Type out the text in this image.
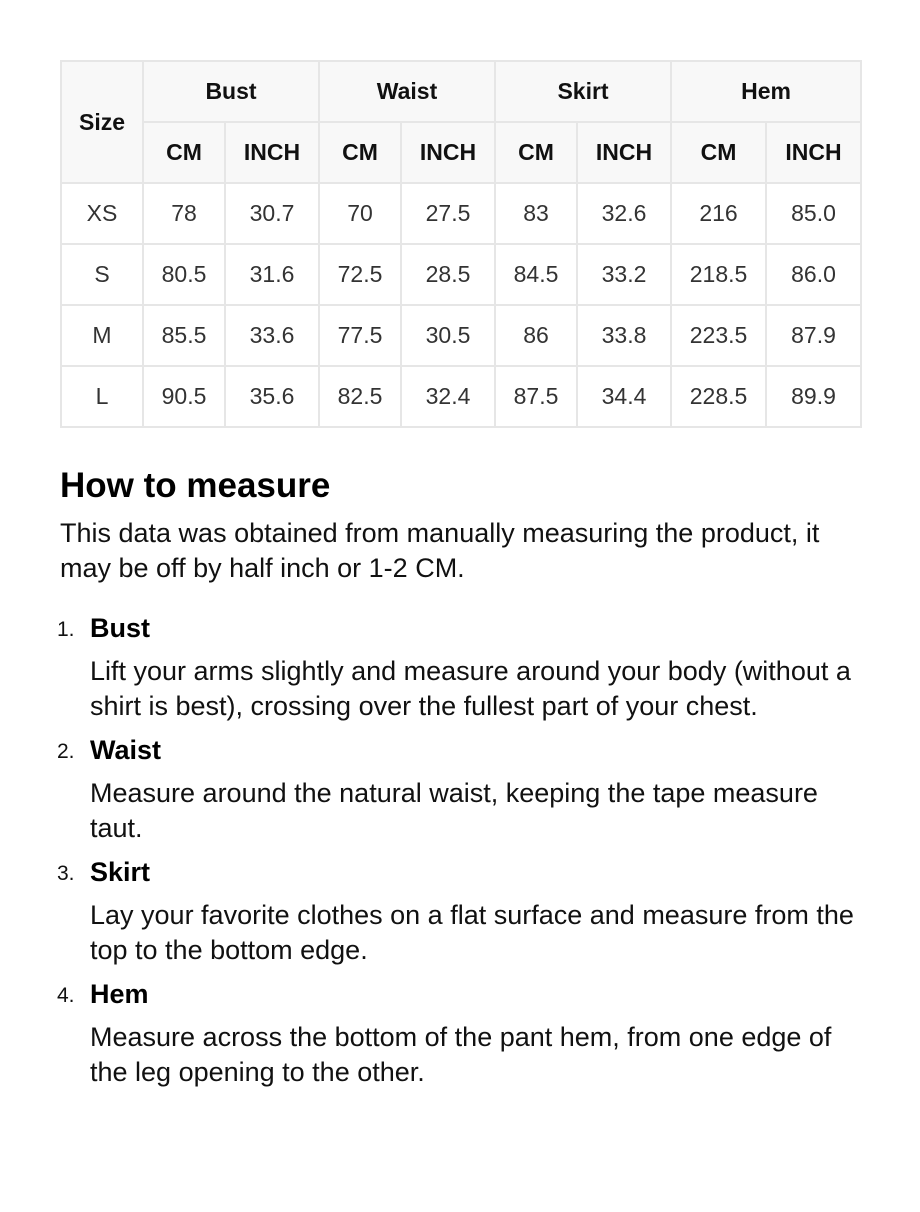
Size	Bust		Waist		Skirt		Hem	
	CM	INCH	CM	INCH	CM	INCH	CM	INCH
XS	78	30.7	70	27.5	83	32.6	216	85.0
S	80.5	31.6	72.5	28.5	84.5	33.2	218.5	86.0
M	85.5	33.6	77.5	30.5	86	33.8	223.5	87.9
L	90.5	35.6	82.5	32.4	87.5	34.4	228.5	89.9
How to measure

This data was obtained from manually measuring the product, it may be off by half inch or 1-2 CM.

1. Bust
Lift your arms slightly and measure around your body (without a shirt is best), crossing over the fullest part of your chest.
2. Waist
Measure around the natural waist, keeping the tape measure taut.
3. Skirt
Lay your favorite clothes on a flat surface and measure from the top to the bottom edge.
4. Hem
Measure across the bottom of the pant hem, from one edge of the leg opening to the other.
